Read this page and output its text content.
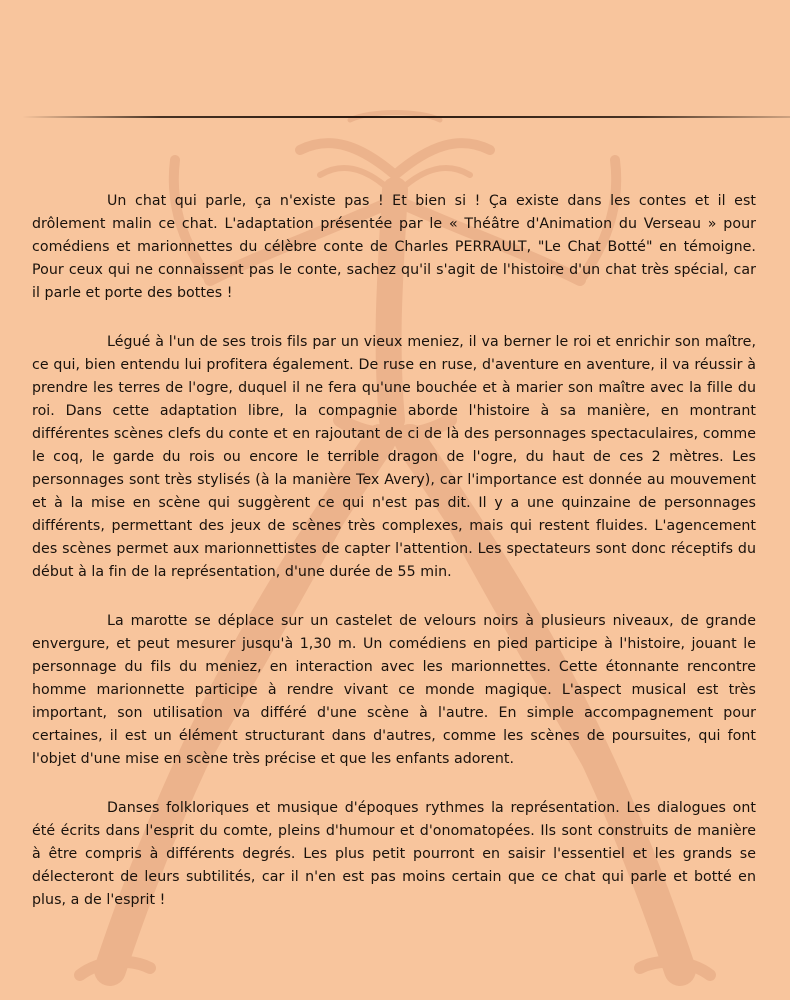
Un chat qui parle, ça n'existe pas ! Et bien si ! Ça existe dans les contes et il est drôlement malin ce chat. L'adaptation présentée par le « Théâtre d'Animation du Verseau » pour comédiens et marionnettes du célèbre conte de Charles PERRAULT, "Le Chat Botté" en témoigne. Pour ceux qui ne connaissent pas le conte, sachez qu'il s'agit de l'histoire d'un chat très spécial, car il parle et porte des bottes !

Légué à l'un de ses trois fils par un vieux meniez, il va berner le roi et enrichir son maître, ce qui, bien entendu lui profitera également. De ruse en ruse, d'aventure en aventure, il va réussir à prendre les terres de l'ogre, duquel il ne fera qu'une bouchée et à marier son maître avec la fille du roi. Dans cette adaptation libre, la compagnie aborde l'histoire à sa manière, en montrant différentes scènes clefs du conte et en rajoutant de ci de là des personnages spectaculaires, comme le coq, le garde du rois ou encore le terrible dragon de l'ogre, du haut de ces 2 mètres. Les personnages sont très stylisés (à la manière Tex Avery), car l'importance est donnée au mouvement et à la mise en scène qui suggèrent ce qui n'est pas dit. Il y a une quinzaine de personnages différents, permettant des jeux de scènes très complexes, mais qui restent fluides. L'agencement des scènes permet aux marionnettistes de capter l'attention. Les spectateurs sont donc réceptifs du début à la fin de la représentation, d'une durée de 55 min.

La marotte se déplace sur un castelet de velours noirs à plusieurs niveaux, de grande envergure, et peut mesurer jusqu'à 1,30 m. Un comédiens en pied participe à l'histoire, jouant le personnage du fils du meniez, en interaction avec les marionnettes. Cette étonnante rencontre homme marionnette participe à rendre vivant ce monde magique. L'aspect musical est très important, son utilisation va différé d'une scène à l'autre. En simple accompagnement pour certaines, il est un élément structurant dans d'autres, comme les scènes de poursuites, qui font l'objet d'une mise en scène très précise et que les enfants adorent.

Danses folkloriques et musique d'époques rythmes la représentation. Les dialogues ont été écrits dans l'esprit du comte, pleins d'humour et d'onomatopées. Ils sont construits de manière à être compris à différents degrés. Les plus petit pourront en saisir l'essentiel et les grands se délecteront de leurs subtilités, car il n'en est pas moins certain que ce chat qui parle et botté en plus, a de l'esprit !
